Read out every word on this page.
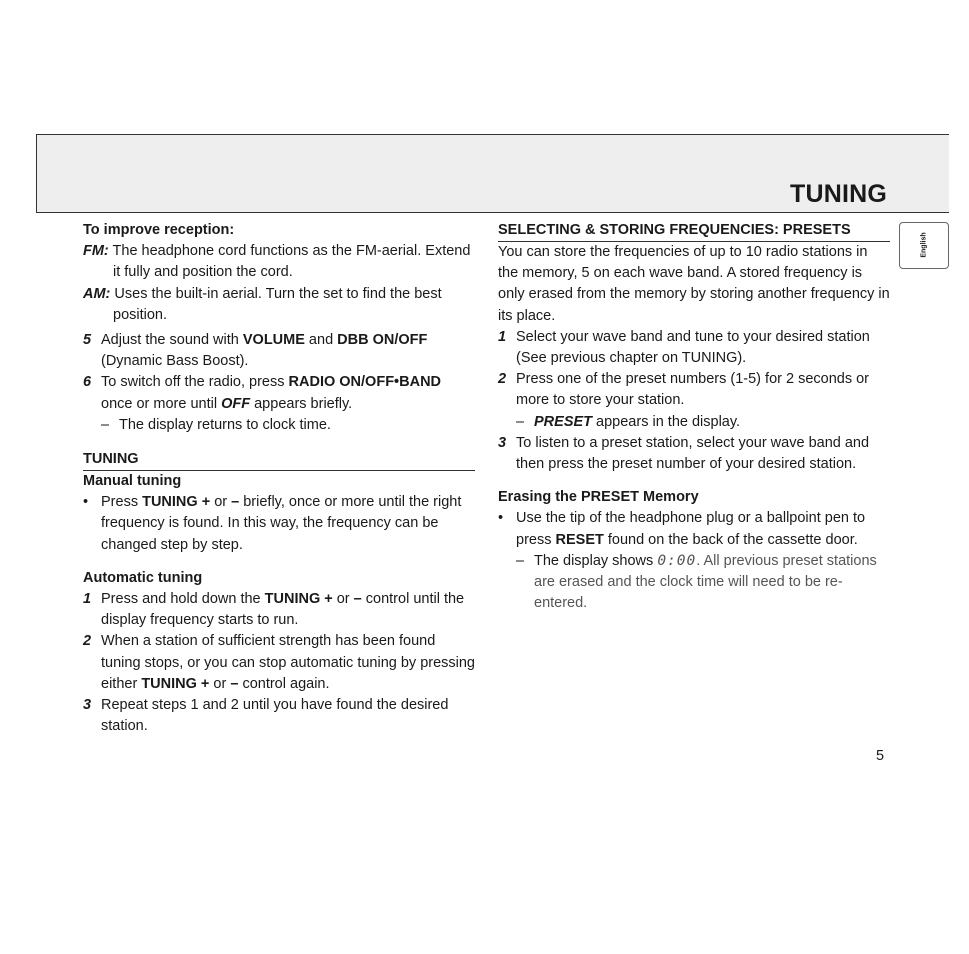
TUNING
English

To improve reception:

FM: The headphone cord functions as the FM-aerial. Extend it fully and position the cord.

AM: Uses the built-in aerial. Turn the set to find the best position.

5 Adjust the sound with VOLUME and DBB ON/OFF (Dynamic Bass Boost).
6 To switch off the radio, press RADIO ON/OFF•BAND once or more until OFF appears briefly.
– The display returns to clock time.

TUNING

Manual tuning

• Press TUNING + or – briefly, once or more until the right frequency is found. In this way, the frequency can be changed step by step.

Automatic tuning

1 Press and hold down the TUNING + or – control until the display frequency starts to run.
2 When a station of sufficient strength has been found tuning stops, or you can stop automatic tuning by pressing either TUNING + or – control again.
3 Repeat steps 1 and 2 until you have found the desired station.

SELECTING & STORING FREQUENCIES: PRESETS

You can store the frequencies of up to 10 radio stations in the memory, 5 on each wave band. A stored frequency is only erased from the memory by storing another frequency in its place.

1 Select your wave band and tune to your desired station (See previous chapter on TUNING).
2 Press one of the preset numbers (1-5) for 2 seconds or more to store your station.
– PRESET appears in the display.
3 To listen to a preset station, select your wave band and then press the preset number of your desired station.

Erasing the PRESET Memory

• Use the tip of the headphone plug or a ballpoint pen to press RESET found on the back of the cassette door.
– The display shows 0:00. All previous preset stations are erased and the clock time will need to be re-entered.
5
